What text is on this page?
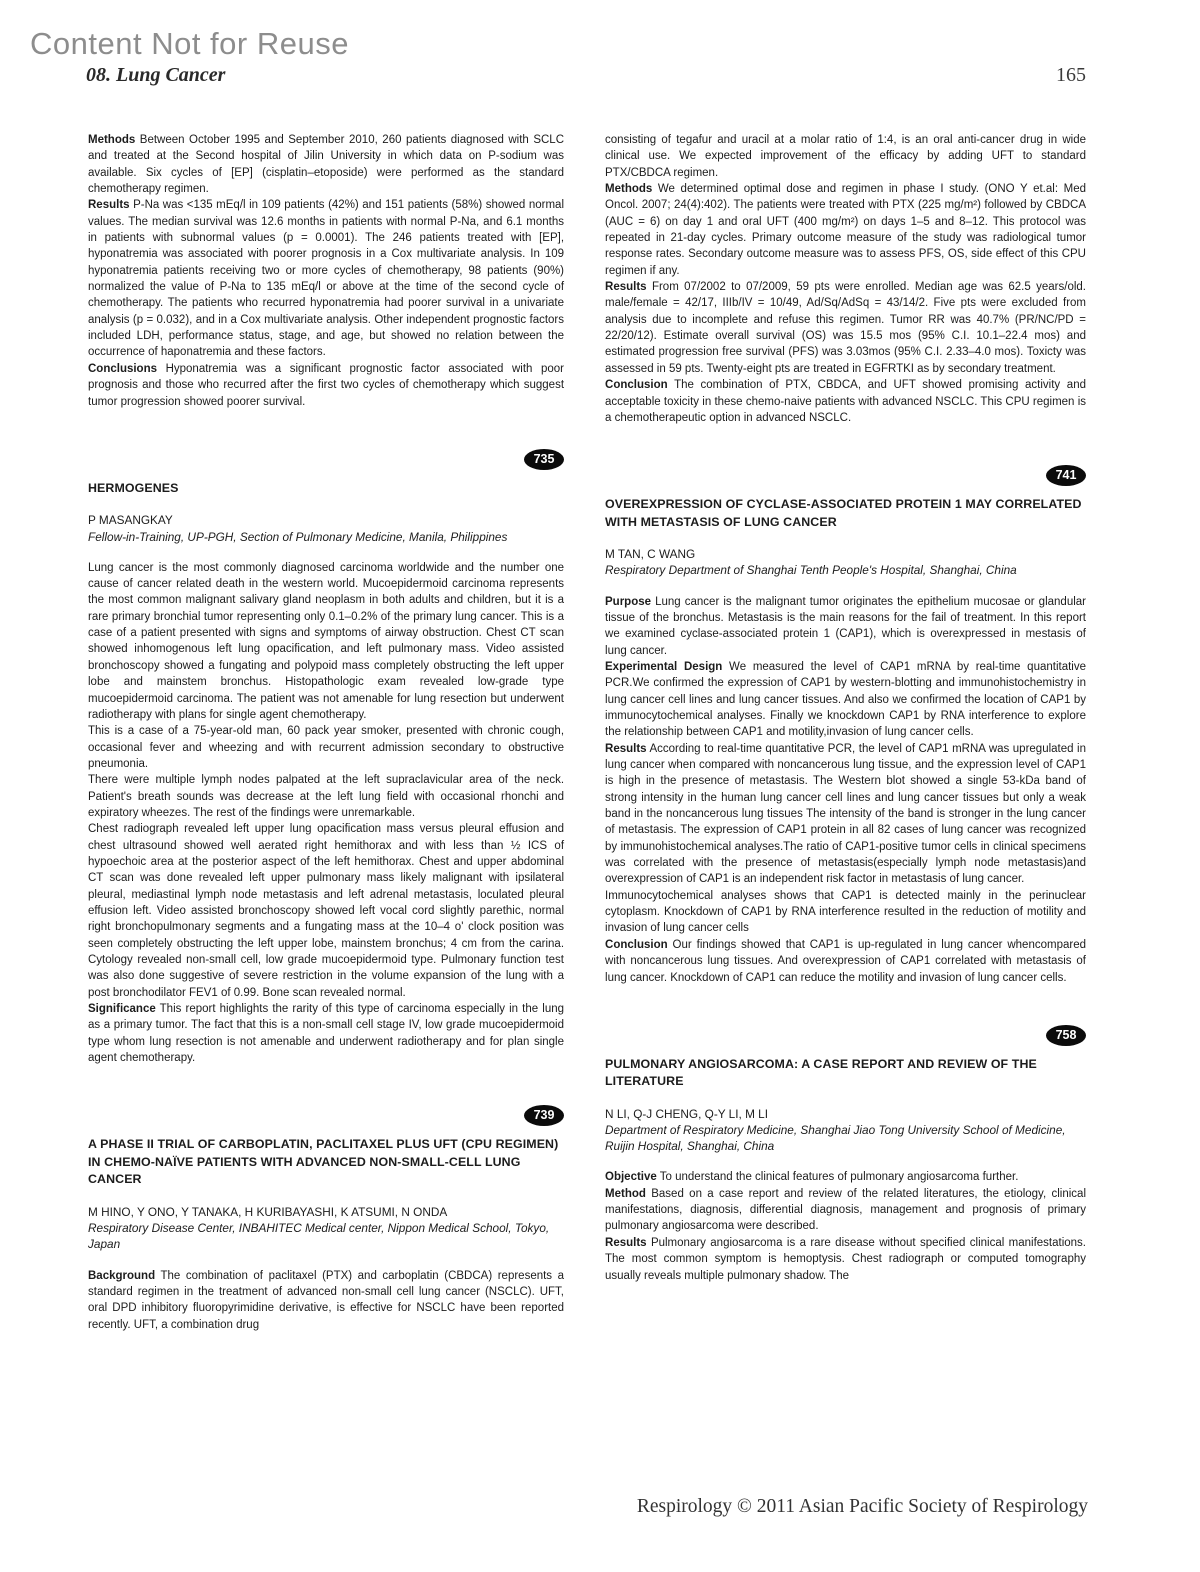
Content Not for Reuse
08. Lung Cancer	165

Methods Between October 1995 and September 2010, 260 patients diagnosed with SCLC and treated at the Second hospital of Jilin University in which data on P-sodium was available. Six cycles of [EP] (cisplatin–etoposide) were performed as the standard chemotherapy regimen.

Results P-Na was <135 mEq/l in 109 patients (42%) and 151 patients (58%) showed normal values. The median survival was 12.6 months in patients with normal P-Na, and 6.1 months in patients with subnormal values (p = 0.0001). The 246 patients treated with [EP], hyponatremia was associated with poorer prognosis in a Cox multivariate analysis. In 109 hyponatremia patients receiving two or more cycles of chemotherapy, 98 patients (90%) normalized the value of P-Na to 135 mEq/l or above at the time of the second cycle of chemotherapy. The patients who recurred hyponatremia had poorer survival in a univariate analysis (p = 0.032), and in a Cox multivariate analysis. Other independent prognostic factors included LDH, performance status, stage, and age, but showed no relation between the occurrence of haponatremia and these factors.

Conclusions Hyponatremia was a significant prognostic factor associated with poor prognosis and those who recurred after the first two cycles of chemotherapy which suggest tumor progression showed poorer survival.

735
HERMOGENES
P MASANGKAY
Fellow-in-Training, UP-PGH, Section of Pulmonary Medicine, Manila, Philippines

Lung cancer is the most commonly diagnosed carcinoma worldwide and the number one cause of cancer related death in the western world. Mucoepidermoid carcinoma represents the most common malignant salivary gland neoplasm in both adults and children, but it is a rare primary bronchial tumor representing only 0.1–0.2% of the primary lung cancer. This is a case of a patient presented with signs and symptoms of airway obstruction. Chest CT scan showed inhomogenous left lung opacification, and left pulmonary mass. Video assisted bronchoscopy showed a fungating and polypoid mass completely obstructing the left upper lobe and mainstem bronchus. Histopathologic exam revealed low-grade type mucoepidermoid carcinoma. The patient was not amenable for lung resection but underwent radiotherapy with plans for single agent chemotherapy.

This is a case of a 75-year-old man, 60 pack year smoker, presented with chronic cough, occasional fever and wheezing and with recurrent admission secondary to obstructive pneumonia.

There were multiple lymph nodes palpated at the left supraclavicular area of the neck. Patient's breath sounds was decrease at the left lung field with occasional rhonchi and expiratory wheezes. The rest of the findings were unremarkable.

Chest radiograph revealed left upper lung opacification mass versus pleural effusion and chest ultrasound showed well aerated right hemithorax and with less than ½ ICS of hypoechoic area at the posterior aspect of the left hemithorax. Chest and upper abdominal CT scan was done revealed left upper pulmonary mass likely malignant with ipsilateral pleural, mediastinal lymph node metastasis and left adrenal metastasis, loculated pleural effusion left. Video assisted bronchoscopy showed left vocal cord slightly parethic, normal right bronchopulmonary segments and a fungating mass at the 10–4 o' clock position was seen completely obstructing the left upper lobe, mainstem bronchus; 4 cm from the carina. Cytology revealed non-small cell, low grade mucoepidermoid type. Pulmonary function test was also done suggestive of severe restriction in the volume expansion of the lung with a post bronchodilator FEV1 of 0.99. Bone scan revealed normal.

Significance This report highlights the rarity of this type of carcinoma especially in the lung as a primary tumor. The fact that this is a non-small cell stage IV, low grade mucoepidermoid type whom lung resection is not amenable and underwent radiotherapy and for plan single agent chemotherapy.

739
A PHASE II TRIAL OF CARBOPLATIN, PACLITAXEL PLUS UFT (CPU REGIMEN) IN CHEMO-NAÏVE PATIENTS WITH ADVANCED NON-SMALL-CELL LUNG CANCER
M HINO, Y ONO, Y TANAKA, H KURIBAYASHI, K ATSUMI, N ONDA
Respiratory Disease Center, INBAHITEC Medical center, Nippon Medical School, Tokyo, Japan

Background The combination of paclitaxel (PTX) and carboplatin (CBDCA) represents a standard regimen in the treatment of advanced non-small cell lung cancer (NSCLC). UFT, oral DPD inhibitory fluoropyrimidine derivative, is effective for NSCLC have been reported recently. UFT, a combination drug

consisting of tegafur and uracil at a molar ratio of 1:4, is an oral anti-cancer drug in wide clinical use. We expected improvement of the efficacy by adding UFT to standard PTX/CBDCA regimen.

Methods We determined optimal dose and regimen in phase I study. (ONO Y et.al: Med Oncol. 2007; 24(4):402). The patients were treated with PTX (225 mg/m²) followed by CBDCA (AUC = 6) on day 1 and oral UFT (400 mg/m²) on days 1–5 and 8–12. This protocol was repeated in 21-day cycles. Primary outcome measure of the study was radiological tumor response rates. Secondary outcome measure was to assess PFS, OS, side effect of this CPU regimen if any.

Results From 07/2002 to 07/2009, 59 pts were enrolled. Median age was 62.5 years/old. male/female = 42/17, IIIb/IV = 10/49, Ad/Sq/AdSq = 43/14/2. Five pts were excluded from analysis due to incomplete and refuse this regimen. Tumor RR was 40.7% (PR/NC/PD = 22/20/12). Estimate overall survival (OS) was 15.5 mos (95% C.I. 10.1–22.4 mos) and estimated progression free survival (PFS) was 3.03mos (95% C.I. 2.33–4.0 mos). Toxicty was assessed in 59 pts. Twenty-eight pts are treated in EGFRTKI as by secondary treatment.

Conclusion The combination of PTX, CBDCA, and UFT showed promising activity and acceptable toxicity in these chemo-naive patients with advanced NSCLC. This CPU regimen is a chemotherapeutic option in advanced NSCLC.

741
OVEREXPRESSION OF CYCLASE-ASSOCIATED PROTEIN 1 MAY CORRELATED WITH METASTASIS OF LUNG CANCER
M TAN, C WANG
Respiratory Department of Shanghai Tenth People's Hospital, Shanghai, China

Purpose Lung cancer is the malignant tumor originates the epithelium mucosae or glandular tissue of the bronchus. Metastasis is the main reasons for the fail of treatment. In this report we examined cyclase-associated protein 1 (CAP1), which is overexpressed in mestasis of lung cancer.

Experimental Design We measured the level of CAP1 mRNA by real-time quantitative PCR.We confirmed the expression of CAP1 by western-blotting and immunohistochemistry in lung cancer cell lines and lung cancer tissues. And also we confirmed the location of CAP1 by immunocytochemical analyses. Finally we knockdown CAP1 by RNA interference to explore the relationship between CAP1 and motility,invasion of lung cancer cells.

Results According to real-time quantitative PCR, the level of CAP1 mRNA was upregulated in lung cancer when compared with noncancerous lung tissue, and the expression level of CAP1 is high in the presence of metastasis. The Western blot showed a single 53-kDa band of strong intensity in the human lung cancer cell lines and lung cancer tissues but only a weak band in the noncancerous lung tissues The intensity of the band is stronger in the lung cancer of metastasis. The expression of CAP1 protein in all 82 cases of lung cancer was recognized by immunohistochemical analyses.The ratio of CAP1-positive tumor cells in clinical specimens was correlated with the presence of metastasis(especially lymph node metastasis)and overexpression of CAP1 is an independent risk factor in metastasis of lung cancer.

Immunocytochemical analyses shows that CAP1 is detected mainly in the perinuclear cytoplasm. Knockdown of CAP1 by RNA interference resulted in the reduction of motility and invasion of lung cancer cells

Conclusion Our findings showed that CAP1 is up-regulated in lung cancer whencompared with noncancerous lung tissues. And overexpression of CAP1 correlated with metastasis of lung cancer. Knockdown of CAP1 can reduce the motility and invasion of lung cancer cells.

758
PULMONARY ANGIOSARCOMA: A CASE REPORT AND REVIEW OF THE LITERATURE
N LI, Q-J CHENG, Q-Y LI, M LI
Department of Respiratory Medicine, Shanghai Jiao Tong University School of Medicine, Ruijin Hospital, Shanghai, China

Objective To understand the clinical features of pulmonary angiosarcoma further.

Method Based on a case report and review of the related literatures, the etiology, clinical manifestations, diagnosis, differential diagnosis, management and prognosis of primary pulmonary angiosarcoma were described.

Results Pulmonary angiosarcoma is a rare disease without specified clinical manifestations. The most common symptom is hemoptysis. Chest radiograph or computed tomography usually reveals multiple pulmonary shadow. The

Respirology © 2011 Asian Pacific Society of Respirology
